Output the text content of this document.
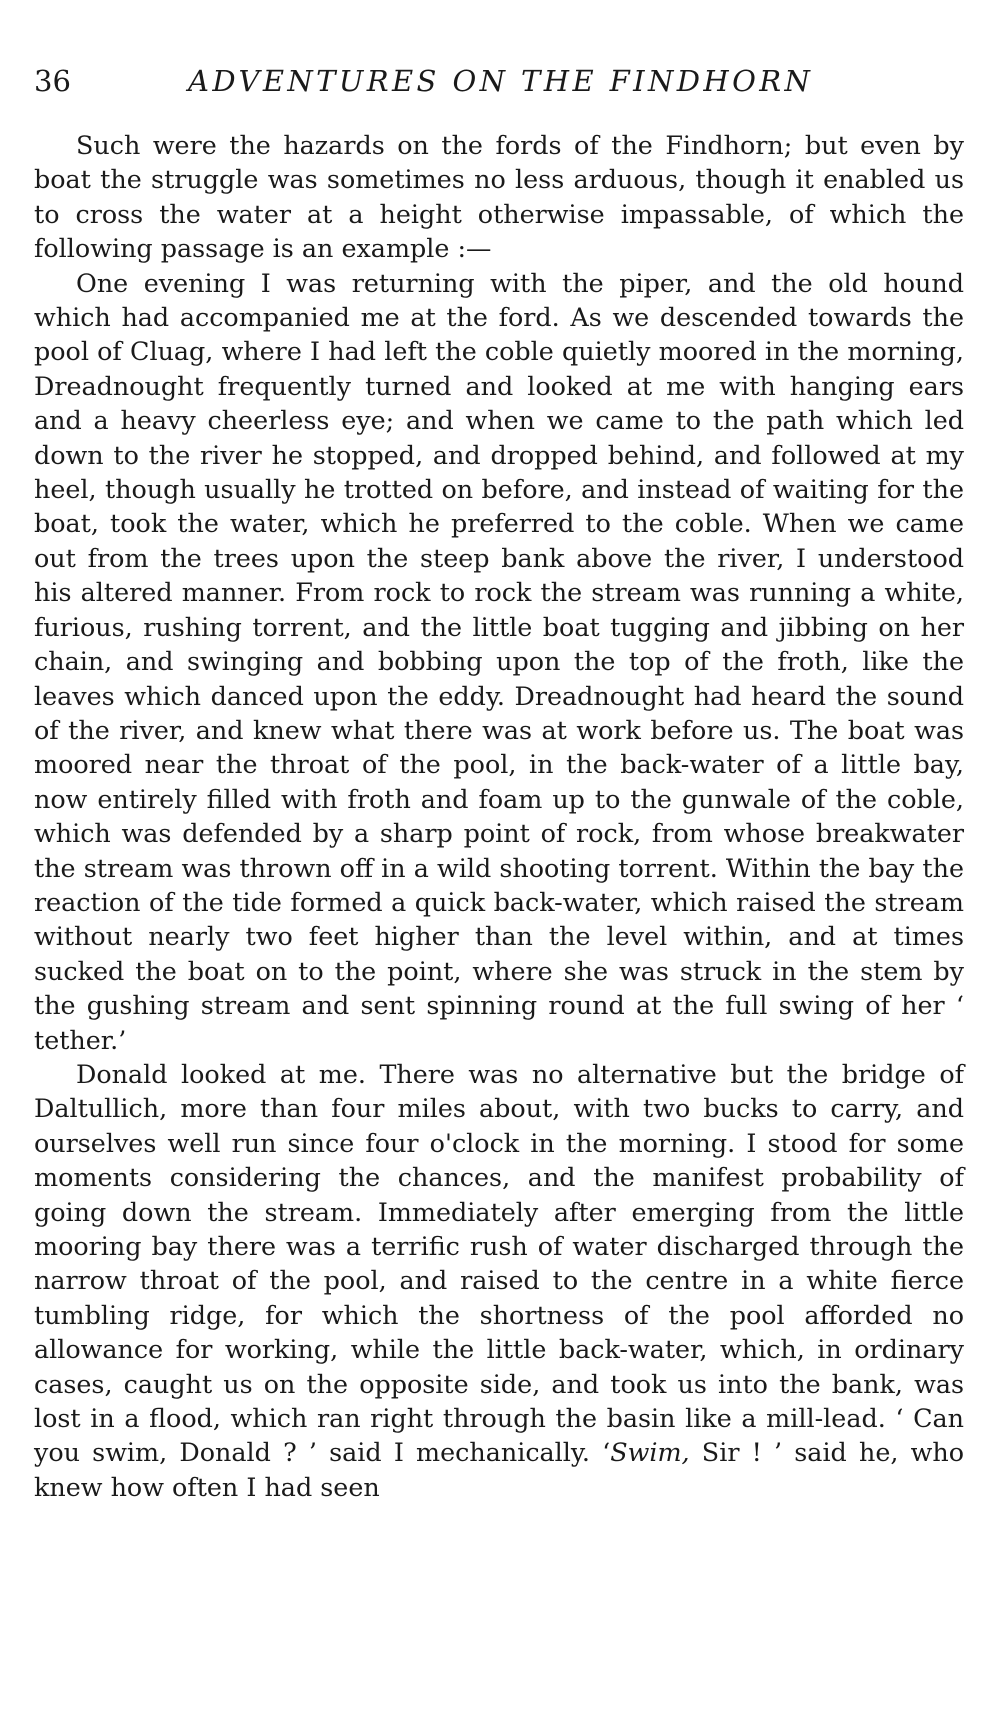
36	ADVENTURES ON THE FINDHORN

Such were the hazards on the fords of the Findhorn; but even by boat the struggle was sometimes no less arduous, though it enabled us to cross the water at a height otherwise impassable, of which the following passage is an example :—

One evening I was returning with the piper, and the old hound which had accompanied me at the ford. As we descended towards the pool of Cluag, where I had left the coble quietly moored in the morning, Dreadnought frequently turned and looked at me with hanging ears and a heavy cheerless eye; and when we came to the path which led down to the river he stopped, and dropped behind, and followed at my heel, though usually he trotted on before, and instead of waiting for the boat, took the water, which he preferred to the coble. When we came out from the trees upon the steep bank above the river, I understood his altered manner. From rock to rock the stream was running a white, furious, rushing torrent, and the little boat tugging and jibbing on her chain, and swinging and bobbing upon the top of the froth, like the leaves which danced upon the eddy. Dreadnought had heard the sound of the river, and knew what there was at work before us. The boat was moored near the throat of the pool, in the back-water of a little bay, now entirely filled with froth and foam up to the gunwale of the coble, which was defended by a sharp point of rock, from whose breakwater the stream was thrown off in a wild shooting torrent. Within the bay the reaction of the tide formed a quick back-water, which raised the stream without nearly two feet higher than the level within, and at times sucked the boat on to the point, where she was struck in the stem by the gushing stream and sent spinning round at the full swing of her ‘ tether.’

Donald looked at me. There was no alternative but the bridge of Daltullich, more than four miles about, with two bucks to carry, and ourselves well run since four o'clock in the morning. I stood for some moments considering the chances, and the manifest probability of going down the stream. Immediately after emerging from the little mooring bay there was a terrific rush of water discharged through the narrow throat of the pool, and raised to the centre in a white fierce tumbling ridge, for which the shortness of the pool afforded no allowance for working, while the little back-water, which, in ordinary cases, caught us on the opposite side, and took us into the bank, was lost in a flood, which ran right through the basin like a mill-lead. ‘ Can you swim, Donald ? ’ said I mechanically. ‘Swim, Sir ! ’ said he, who knew how often I had seen
